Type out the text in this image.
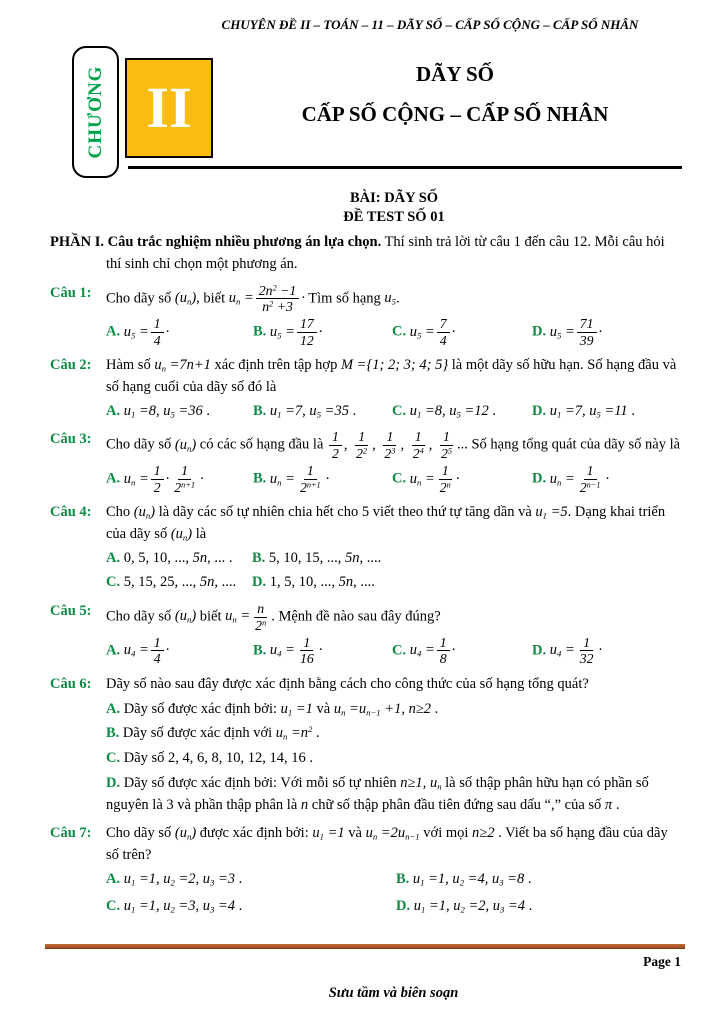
CHUYÊN ĐỀ II – TOÁN – 11 – DÃY SỐ – CẤP SỐ CỘNG – CẤP SỐ NHÂN
CHƯƠNG II
DÃY SỐ
CẤP SỐ CỘNG – CẤP SỐ NHÂN
BÀI: DÃY SỐ
ĐỀ TEST SỐ 01

PHẦN I. Câu trắc nghiệm nhiều phương án lựa chọn. Thí sinh trả lời từ câu 1 đến câu 12. Mỗi câu hỏi thí sinh chỉ chọn một phương án.

Câu 1:	Cho dãy số $(u_n)$, biết $u_n = \frac{2n^2 -1}{n^2 +3}$ · Tìm số hạng $u_5$.
A. $u_5 = \frac{1}{4}$ ·	B. $u_5 = \frac{17}{12}$ ·	C. $u_5 = \frac{7}{4}$ ·	D. $u_5 = \frac{71}{39}$ ·
Câu 2:	Hàm số $u_n =7n+1$ xác định trên tập hợp M ={1; 2; 3; 4; 5} là một dãy số hữu hạn. Số hạng đầu và số hạng cuối của dãy số đó là
A. $u_1 =8$, $u_5 =36$ .	B. $u_1 =7$, $u_5 =35$ .	C. $u_1 =8$, $u_5 =12$ .	D. $u_1 =7$, $u_5 =11$ .
Câu 3:	Cho dãy số $(u_n)$ có các số hạng đầu là $\frac{1}{2}$ , $\frac{1}{2^2}$ , $\frac{1}{2^3}$ , $\frac{1}{2^4}$ , $\frac{1}{2^5}$ ... Số hạng tổng quát của dãy số này là
A. $u_n = \frac{1}{2} \cdot \frac{1}{2^{n+1}}$ ·	B. $u_n = \frac{1}{2^{n+1}}$ ·	C. $u_n = \frac{1}{2^n}$ ·	D. $u_n = \frac{1}{2^{n-1}}$ ·
Câu 4:	Cho $(u_n)$ là dãy các số tự nhiên chia hết cho 5 viết theo thứ tự tăng dần và $u_1 =5$. Dạng khai triển của dãy số $(u_n)$ là
A. 0, 5, 10, ..., 5n, ... .	B. 5, 10, 15, ..., 5n, ....
C. 5, 15, 25, ..., 5n, ....	D. 1, 5, 10, ..., 5n, ....
Câu 5:	Cho dãy số $(u_n)$ biết $u_n = \frac{n}{2^n}$ . Mệnh đề nào sau đây đúng?
A. $u_4 = \frac{1}{4}$ ·	B. $u_4 = \frac{1}{16}$ ·	C. $u_4 = \frac{1}{8}$ ·	D. $u_4 = \frac{1}{32}$ ·
Câu 6:	Dãy số nào sau đây được xác định bằng cách cho công thức của số hạng tổng quát?
A. Dãy số được xác định bởi: $u_1 =1$ và $u_n =u_{n-1} +1$, n≥2 .
B. Dãy số được xác định với $u_n =n^2$ .
C. Dãy số 2, 4, 6, 8, 10, 12, 14, 16 .
D. Dãy số được xác định bởi: Với mỗi số tự nhiên n≥1, $u_n$ là số thập phân hữu hạn có phần số nguyên là 3 và phần thập phân là n chữ số thập phân đầu tiên đứng sau dấu “,” của số π .
Câu 7:	Cho dãy số $(u_n)$ được xác định bởi: $u_1 =1$ và $u_n =2u_{n-1}$ với mọi n≥2 . Viết ba số hạng đầu của dãy số trên?
A. $u_1 =1$, $u_2 =2$, $u_3 =3$ .	B. $u_1 =1$, $u_2 =4$, $u_3 =8$ .
C. $u_1 =1$, $u_2 =3$, $u_3 =4$ .	D. $u_1 =1$, $u_2 =2$, $u_3 =4$ .
Page 1
Sưu tầm và biên soạn
